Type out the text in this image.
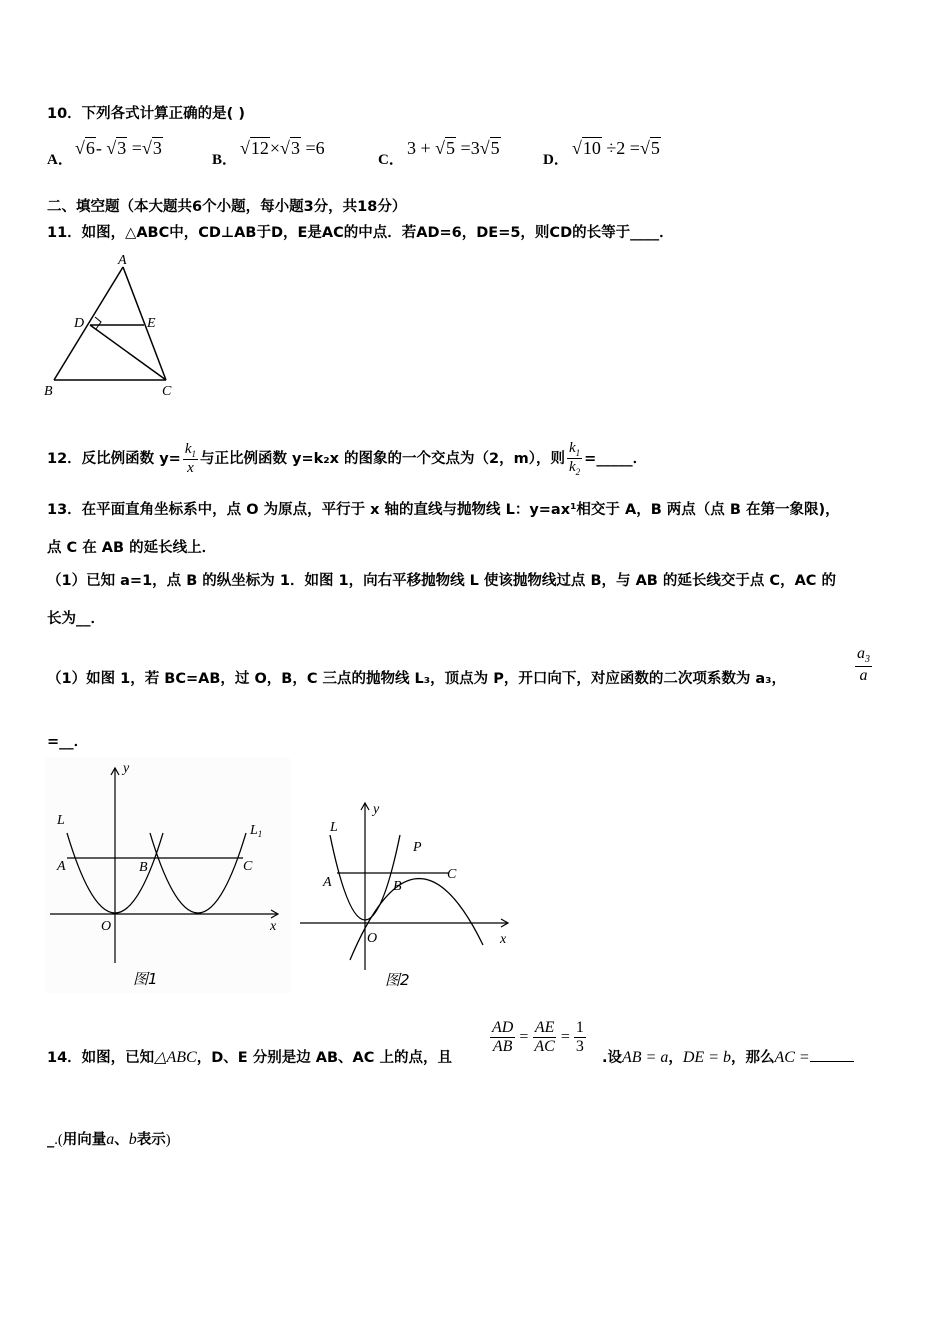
10．下列各式计算正确的是( )
A．
√6- √3 =√3
B．
√12×√3 =6
C．
3 + √5 =3√5
D．
√10 ÷2 =√5
二、填空题（本大题共6个小题，每小题3分，共18分）
11．如图，△ABC中，CD⊥AB于D，E是AC的中点．若AD=6，DE=5，则CD的长等于____．
A
D	E
B	C
12．反比例函数 $y= \frac{k_1}{x}$ 与正比例函数 y=k₂x 的图象的一个交点为（2，m），则 $\frac{k_1}{k_2}$ =_____．
13．在平面直角坐标系中，点 O 为原点，平行于 x 轴的直线与抛物线 L：y=ax¹相交于 A，B 两点（点 B 在第一象限)，
点 C 在 AB 的延长线上．
（1）已知 a=1，点 B 的纵坐标为 1．如图 1，向右平移抛物线 L 使该抛物线过点 B，与 AB 的延长线交于点 C，AC 的
长为__．
（1）如图 1，若 BC=AB，过 O，B，C 三点的抛物线 L₃，顶点为 P，开口向下，对应函数的二次项系数为 a₃，	$\frac{a_3}{a}$
=__．
y
L
$L_1$
A	B	C
O	x
图1
y
L
P
A	B
C
O	x
图2
14．如图，已知△ABC，D、E 分别是边 AB、AC 上的点，且
$\frac{AD}{AB} = \frac{AE}{AC} = \frac{1}{3}$
.设AB = a，DE = b，那么AC =
_.(用向量a、b表示)
